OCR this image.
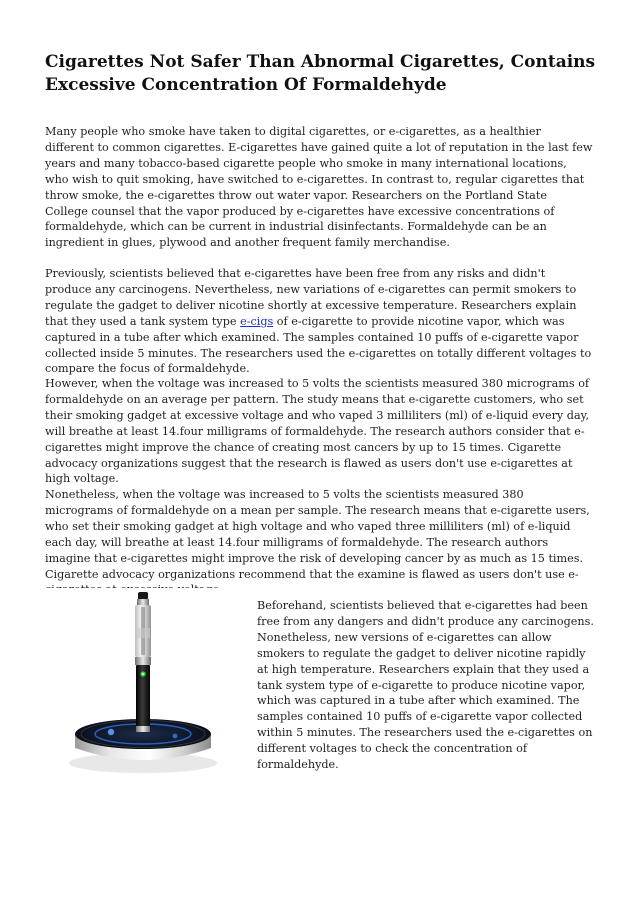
Cigarettes Not Safer Than Abnormal Cigarettes, Contains Excessive Concentration Of Formaldehyde

Many people who smoke have taken to digital cigarettes, or e-cigarettes, as a healthier different to common cigarettes. E-cigarettes have gained quite a lot of reputation in the last few years and many tobacco-based cigarette people who smoke in many international locations, who wish to quit smoking, have switched to e-cigarettes. In contrast to, regular cigarettes that throw smoke, the e-cigarettes throw out water vapor. Researchers on the Portland State College counsel that the vapor produced by e-cigarettes have excessive concentrations of formaldehyde, which can be current in industrial disinfectants. Formaldehyde can be an ingredient in glues, plywood and another frequent family merchandise.

Previously, scientists believed that e-cigarettes have been free from any risks and didn't produce any carcinogens. Nevertheless, new variations of e-cigarettes can permit smokers to regulate the gadget to deliver nicotine shortly at excessive temperature. Researchers explain that they used a tank system type e-cigs of e-cigarette to provide nicotine vapor, which was captured in a tube after which examined. The samples contained 10 puffs of e-cigarette vapor collected inside 5 minutes. The researchers used the e-cigarettes on totally different voltages to compare the focus of formaldehyde.

However, when the voltage was increased to 5 volts the scientists measured 380 micrograms of formaldehyde on an average per pattern. The study means that e-cigarette customers, who set their smoking gadget at excessive voltage and who vaped 3 milliliters (ml) of e-liquid every day, will breathe at least 14.four milligrams of formaldehyde. The research authors consider that e-cigarettes might improve the chance of creating most cancers by up to 15 times. Cigarette advocacy organizations suggest that the research is flawed as users don't use e-cigarettes at high voltage.

Nonetheless, when the voltage was increased to 5 volts the scientists measured 380 micrograms of formaldehyde on a mean per sample. The research means that e-cigarette users, who set their smoking gadget at high voltage and who vaped three milliliters (ml) of e-liquid each day, will breathe at least 14.four milligrams of formaldehyde. The research authors imagine that e-cigarettes might improve the risk of developing cancer by as much as 15 times. Cigarette advocacy organizations recommend that the examine is flawed as users don't use e-

Beforehand, scientists believed that e-cigarettes had been free from any dangers and didn't produce any carcinogens. Nonetheless, new versions of e-cigarettes can allow smokers to regulate the gadget to deliver nicotine rapidly at high temperature. Researchers explain that they used a tank system type of e-cigarette to produce nicotine vapor, which was captured in a tube after which examined. The samples contained 10 puffs of e-cigarette vapor collected within 5 minutes. The researchers used the e-cigarettes on different voltages to check the concentration of formaldehyde.
